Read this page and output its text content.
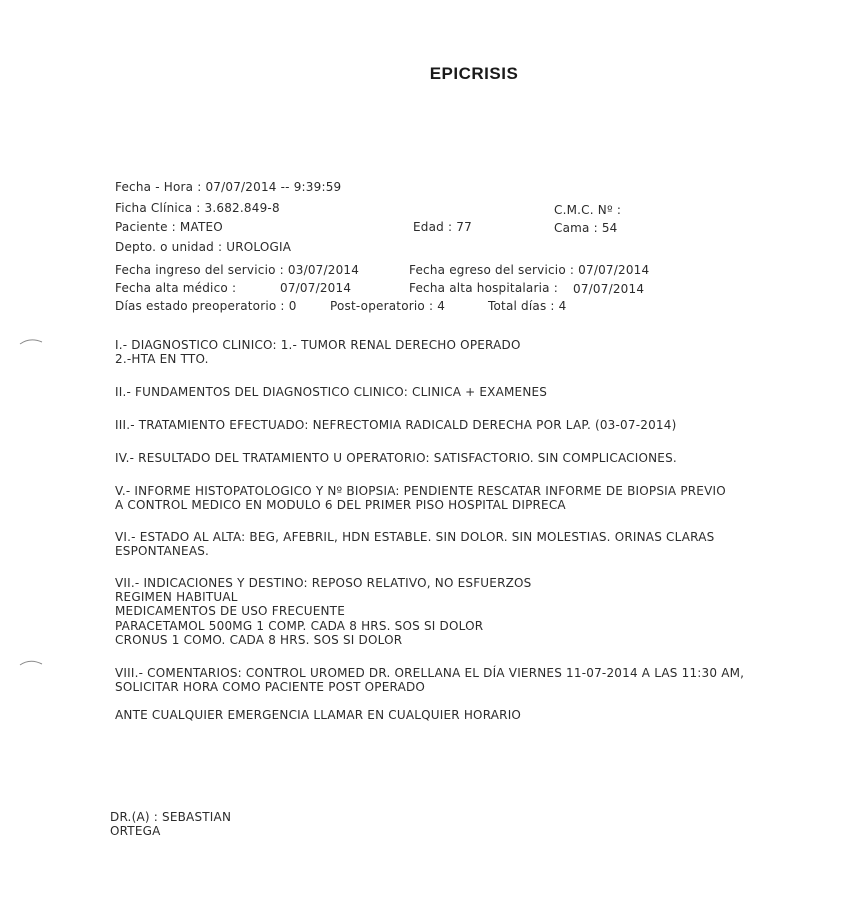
EPICRISIS
Fecha - Hora : 07/07/2014 -- 9:39:59
Ficha Clínica : 3.682.849-8	C.M.C. Nº :
Paciente : MATEO	Edad : 77	Cama : 54
Depto. o unidad : UROLOGIA
Fecha ingreso del servicio : 03/07/2014	Fecha egreso del servicio : 07/07/2014
Fecha alta médico :	07/07/2014	Fecha alta hospitalaria : 07/07/2014
Días estado preoperatorio : 0	Post-operatorio : 4	Total días : 4
I.- DIAGNOSTICO CLINICO: 1.- TUMOR RENAL DERECHO OPERADO
2.-HTA EN TTO.
II.- FUNDAMENTOS DEL DIAGNOSTICO CLINICO: CLINICA + EXAMENES
III.- TRATAMIENTO EFECTUADO: NEFRECTOMIA RADICALD DERECHA POR LAP. (03-07-2014)
IV.- RESULTADO DEL TRATAMIENTO U OPERATORIO: SATISFACTORIO. SIN COMPLICACIONES.
V.- INFORME HISTOPATOLOGICO Y Nº BIOPSIA: PENDIENTE RESCATAR INFORME DE BIOPSIA PREVIO
A CONTROL MEDICO EN MODULO 6 DEL PRIMER PISO HOSPITAL DIPRECA
VI.- ESTADO AL ALTA: BEG, AFEBRIL, HDN ESTABLE. SIN DOLOR. SIN MOLESTIAS. ORINAS CLARAS
ESPONTANEAS.
VII.- INDICACIONES Y DESTINO: REPOSO RELATIVO, NO ESFUERZOS
REGIMEN HABITUAL
MEDICAMENTOS DE USO FRECUENTE
PARACETAMOL 500MG 1 COMP. CADA 8 HRS. SOS SI DOLOR
CRONUS 1 COMO. CADA 8 HRS. SOS SI DOLOR
VIII.- COMENTARIOS: CONTROL UROMED DR. ORELLANA EL DÍA VIERNES 11-07-2014 A LAS 11:30 AM,
SOLICITAR HORA COMO PACIENTE POST OPERADO
ANTE CUALQUIER EMERGENCIA LLAMAR EN CUALQUIER HORARIO
DR.(A) : SEBASTIAN
ORTEGA
